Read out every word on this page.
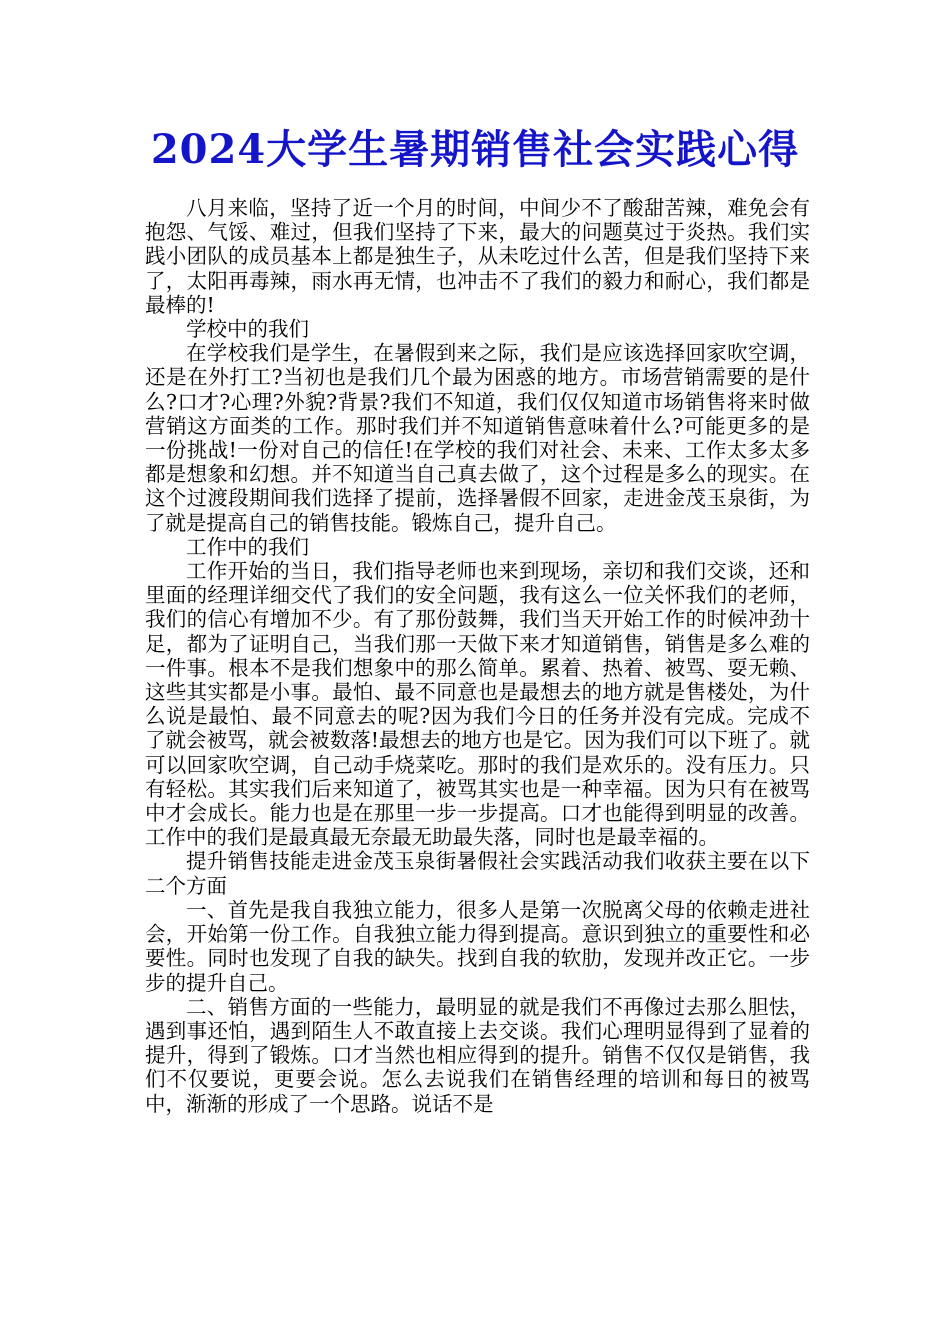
2024大学生暑期销售社会实践心得

八月来临，坚持了近一个月的时间，中间少不了酸甜苦辣，难免会有抱怨、气馁、难过，但我们坚持了下来，最大的问题莫过于炎热。我们实践小团队的成员基本上都是独生子，从未吃过什么苦，但是我们坚持下来了，太阳再毒辣，雨水再无情，也冲击不了我们的毅力和耐心，我们都是最棒的!

学校中的我们

在学校我们是学生，在暑假到来之际，我们是应该选择回家吹空调，还是在外打工?当初也是我们几个最为困惑的地方。市场营销需要的是什么?口才?心理?外貌?背景?我们不知道，我们仅仅知道市场销售将来时做营销这方面类的工作。那时我们并不知道销售意味着什么?可能更多的是一份挑战!一份对自己的信任!在学校的我们对社会、未来、工作太多太多都是想象和幻想。并不知道当自己真去做了，这个过程是多么的现实。在这个过渡段期间我们选择了提前，选择暑假不回家，走进金茂玉泉街，为了就是提高自己的销售技能。锻炼自己，提升自己。

工作中的我们

工作开始的当日，我们指导老师也来到现场，亲切和我们交谈，还和里面的经理详细交代了我们的安全问题，我有这么一位关怀我们的老师，我们的信心有增加不少。有了那份鼓舞，我们当天开始工作的时候冲劲十足，都为了证明自己，当我们那一天做下来才知道销售，销售是多么难的一件事。根本不是我们想象中的那么简单。累着、热着、被骂、耍无赖、这些其实都是小事。最怕、最不同意也是最想去的地方就是售楼处，为什么说是最怕、最不同意去的呢?因为我们今日的任务并没有完成。完成不了就会被骂，就会被数落!最想去的地方也是它。因为我们可以下班了。就可以回家吹空调，自己动手烧菜吃。那时的我们是欢乐的。没有压力。只有轻松。其实我们后来知道了，被骂其实也是一种幸福。因为只有在被骂中才会成长。能力也是在那里一步一步提高。口才也能得到明显的改善。 工作中的我们是最真最无奈最无助最失落，同时也是最幸福的。

提升销售技能走进金茂玉泉街暑假社会实践活动我们收获主要在以下二个方面

一、首先是我自我独立能力，很多人是第一次脱离父母的依赖走进社会，开始第一份工作。自我独立能力得到提高。意识到独立的重要性和必要性。同时也发现了自我的缺失。找到自我的软肋，发现并改正它。一步步的提升自己。

二、销售方面的一些能力，最明显的就是我们不再像过去那么胆怯，遇到事还怕，遇到陌生人不敢直接上去交谈。我们心理明显得到了显着的提升，得到了锻炼。口才当然也相应得到的提升。销售不仅仅是销售，我们不仅要说，更要会说。怎么去说我们在销售经理的培训和每日的被骂中，渐渐的形成了一个思路。说话不是
